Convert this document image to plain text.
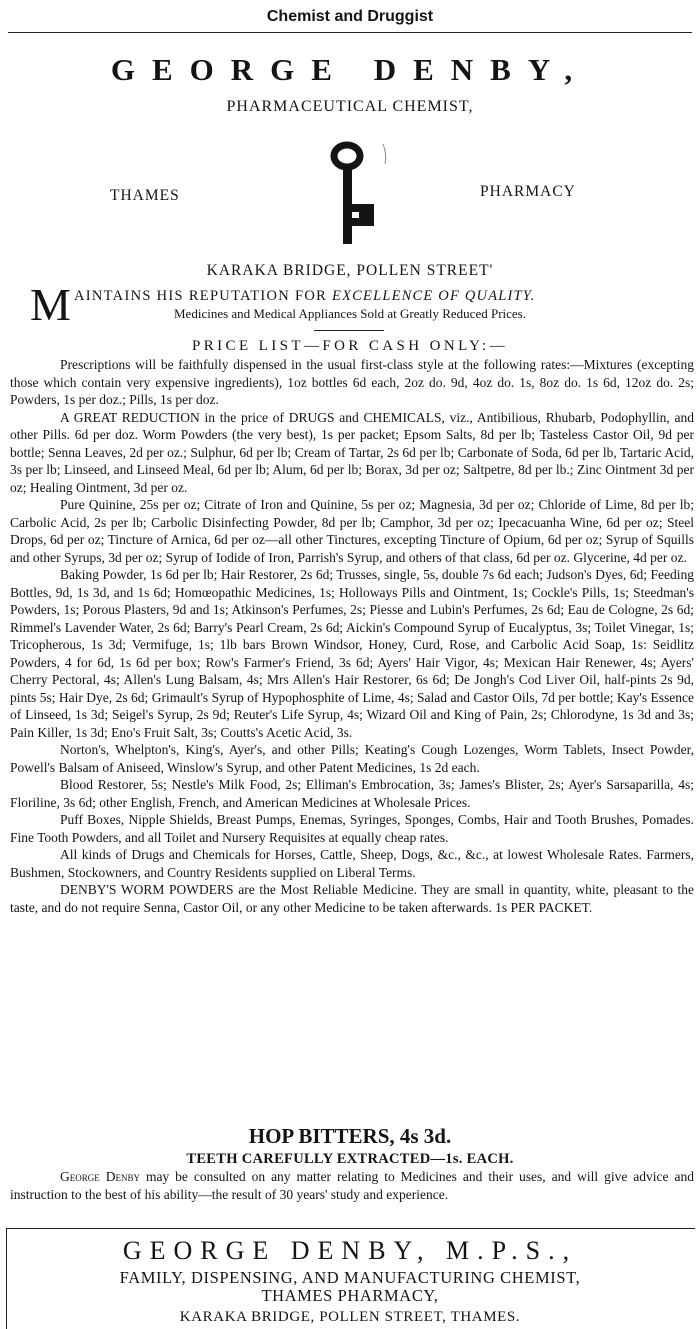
Chemist and Druggist
GEORGE DENBY,
PHARMACEUTICAL CHEMIST,
THAMES	PHARMACY
KARAKA BRIDGE, POLLEN STREET'
M AINTAINS HIS REPUTATION FOR EXCELLENCE OF QUALITY.
Medicines and Medical Appliances Sold at Greatly Reduced Prices.
PRICE LIST—FOR CASH ONLY:—

Prescriptions will be faithfully dispensed in the usual first-class style at the following rates:—Mixtures (excepting those which contain very expensive ingredients), 1oz bottles 6d each, 2oz do. 9d, 4oz do. 1s, 8oz do. 1s 6d, 12oz do. 2s; Powders, 1s per doz.; Pills, 1s per doz.

A GREAT REDUCTION in the price of DRUGS and CHEMICALS, viz., Antibilious, Rhubarb, Podophyllin, and other Pills. 6d per doz. Worm Powders (the very best), 1s per packet; Epsom Salts, 8d per lb; Tasteless Castor Oil, 9d per bottle; Senna Leaves, 2d per oz.; Sulphur, 6d per lb; Cream of Tartar, 2s 6d per lb; Carbonate of Soda, 6d per lb, Tartaric Acid, 3s per lb; Linseed, and Linseed Meal, 6d per lb; Alum, 6d per lb; Borax, 3d per oz; Saltpetre, 8d per lb.; Zinc Ointment 3d per oz; Healing Ointment, 3d per oz.

Pure Quinine, 25s per oz; Citrate of Iron and Quinine, 5s per oz; Magnesia, 3d per oz; Chloride of Lime, 8d per lb; Carbolic Acid, 2s per lb; Carbolic Disinfecting Powder, 8d per lb; Camphor, 3d per oz; Ipecacuanha Wine, 6d per oz; Steel Drops, 6d per oz; Tincture of Arnica, 6d per oz—all other Tinctures, excepting Tincture of Opium, 6d per oz; Syrup of Squills and other Syrups, 3d per oz; Syrup of Iodide of Iron, Parrish's Syrup, and others of that class, 6d per oz. Glycerine, 4d per oz.

Baking Powder, 1s 6d per lb; Hair Restorer, 2s 6d; Trusses, single, 5s, double 7s 6d each; Judson's Dyes, 6d; Feeding Bottles, 9d, 1s 3d, and 1s 6d; Homœopathic Medicines, 1s; Holloways Pills and Ointment, 1s; Cockle's Pills, 1s; Steedman's Powders, 1s; Porous Plasters, 9d and 1s; Atkinson's Perfumes, 2s; Piesse and Lubin's Perfumes, 2s 6d; Eau de Cologne, 2s 6d; Rimmel's Lavender Water, 2s 6d; Barry's Pearl Cream, 2s 6d; Aickin's Compound Syrup of Eucalyptus, 3s; Toilet Vinegar, 1s; Tricopherous, 1s 3d; Vermifuge, 1s; 1lb bars Brown Windsor, Honey, Curd, Rose, and Carbolic Acid Soap, 1s: Seidlitz Powders, 4 for 6d, 1s 6d per box; Row's Farmer's Friend, 3s 6d; Ayers' Hair Vigor, 4s; Mexican Hair Renewer, 4s; Ayers' Cherry Pectoral, 4s; Allen's Lung Balsam, 4s; Mrs Allen's Hair Restorer, 6s 6d; De Jongh's Cod Liver Oil, half-pints 2s 9d, pints 5s; Hair Dye, 2s 6d; Grimault's Syrup of Hypophosphite of Lime, 4s; Salad and Castor Oils, 7d per bottle; Kay's Essence of Linseed, 1s 3d; Seigel's Syrup, 2s 9d; Reuter's Life Syrup, 4s; Wizard Oil and King of Pain, 2s; Chlorodyne, 1s 3d and 3s; Pain Killer, 1s 3d; Eno's Fruit Salt, 3s; Coutts's Acetic Acid, 3s.

Norton's, Whelpton's, King's, Ayer's, and other Pills; Keating's Cough Lozenges, Worm Tablets, Insect Powder, Powell's Balsam of Aniseed, Winslow's Syrup, and other Patent Medicines, 1s 2d each.

Blood Restorer, 5s; Nestle's Milk Food, 2s; Elliman's Embrocation, 3s; James's Blister, 2s; Ayer's Sarsaparilla, 4s; Floriline, 3s 6d; other English, French, and American Medicines at Wholesale Prices.

Puff Boxes, Nipple Shields, Breast Pumps, Enemas, Syringes, Sponges, Combs, Hair and Tooth Brushes, Pomades. Fine Tooth Powders, and all Toilet and Nursery Requisites at equally cheap rates.

All kinds of Drugs and Chemicals for Horses, Cattle, Sheep, Dogs, &c., &c., at lowest Wholesale Rates. Farmers, Bushmen, Stockowners, and Country Residents supplied on Liberal Terms.

DENBY'S WORM POWDERS are the Most Reliable Medicine. They are small in quantity, white, pleasant to the taste, and do not require Senna, Castor Oil, or any other Medicine to be taken afterwards. 1s PER PACKET.

HOP BITTERS, 4s 3d.
TEETH CAREFULLY EXTRACTED—1s. EACH.

George Denby may be consulted on any matter relating to Medicines and their uses, and will give advice and instruction to the best of his ability—the result of 30 years' study and experience.

GEORGE DENBY, M.P.S.,
FAMILY, DISPENSING, AND MANUFACTURING CHEMIST,
THAMES PHARMACY,
KARAKA BRIDGE, POLLEN STREET, THAMES.
